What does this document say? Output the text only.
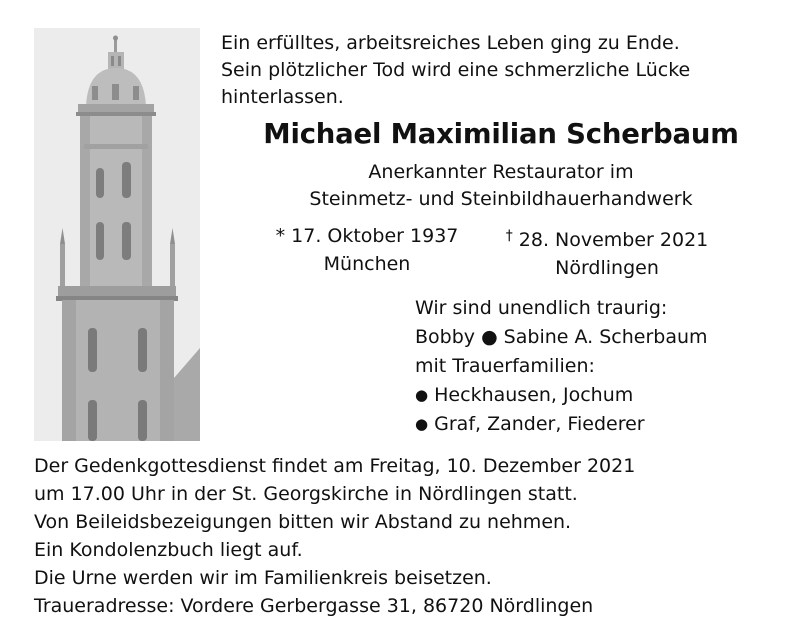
Ein erfülltes, arbeitsreiches Leben ging zu Ende.
Sein plötzlicher Tod wird eine schmerzliche Lücke
hinterlassen.
Michael Maximilian Scherbaum
Anerkannter Restaurator im
Steinmetz- und Steinbildhauerhandwerk
* 17. Oktober 1937
München
† 28. November 2021
Nördlingen
Wir sind unendlich traurig:
Bobby ● Sabine A. Scherbaum
mit Trauerfamilien:
● Heckhausen, Jochum
● Graf, Zander, Fiederer
Der Gedenkgottesdienst findet am Freitag, 10. Dezember 2021
um 17.00 Uhr in der St. Georgskirche in Nördlingen statt.
Von Beileidsbezeigungen bitten wir Abstand zu nehmen.
Ein Kondolenzbuch liegt auf.
Die Urne werden wir im Familienkreis beisetzen.
Traueradresse: Vordere Gerbergasse 31, 86720 Nördlingen
